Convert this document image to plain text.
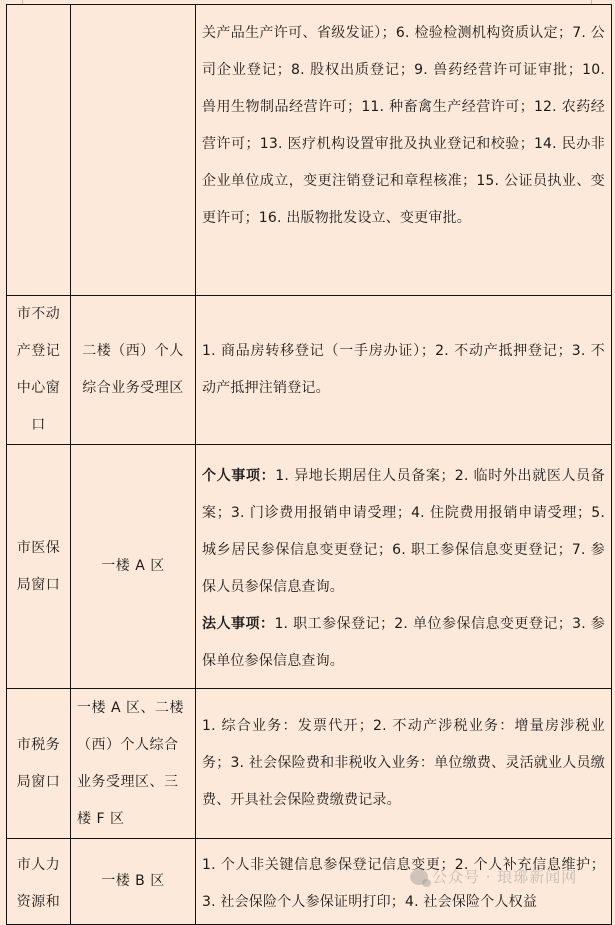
		关产品生产许可、省级发证）；6. 检验检测机构资质认定；7. 公司企业登记；8. 股权出质登记；9. 兽药经营许可证审批；10. 兽用生物制品经营许可；11. 种畜禽生产经营许可；12. 农药经营许可；13. 医疗机构设置审批及执业登记和校验；14. 民办非企业单位成立，变更注销登记和章程核准；15. 公证员执业、变更许可；16. 出版物批发设立、变更审批。
市不动产登记中心窗口	二楼（西）个人综合业务受理区	1. 商品房转移登记（一手房办证）；2. 不动产抵押登记；3. 不动产抵押注销登记。
市医保局窗口	一楼 A 区	个人事项：1. 异地长期居住人员备案；2. 临时外出就医人员备案；3. 门诊费用报销申请受理；4. 住院费用报销申请受理；5. 城乡居民参保信息变更登记；6. 职工参保信息变更登记；7. 参保人员参保信息查询。

法人事项：1. 职工参保登记；2. 单位参保信息变更登记；3. 参保单位参保信息查询。

市税务局窗口	一楼 A 区、二楼（西）个人综合业务受理区、三楼 F 区	1. 综合业务：发票代开；2. 不动产涉税业务：增量房涉税业务；3. 社会保险费和非税收入业务：单位缴费、灵活就业人员缴费、开具社会保险费缴费记录。
市人力资源和	一楼 B 区	1. 个人非关键信息参保登记信息变更；2. 个人补充信息维护；3. 社会保险个人参保证明打印；4. 社会保险个人权益
公众号 · 琅琊新闻网
